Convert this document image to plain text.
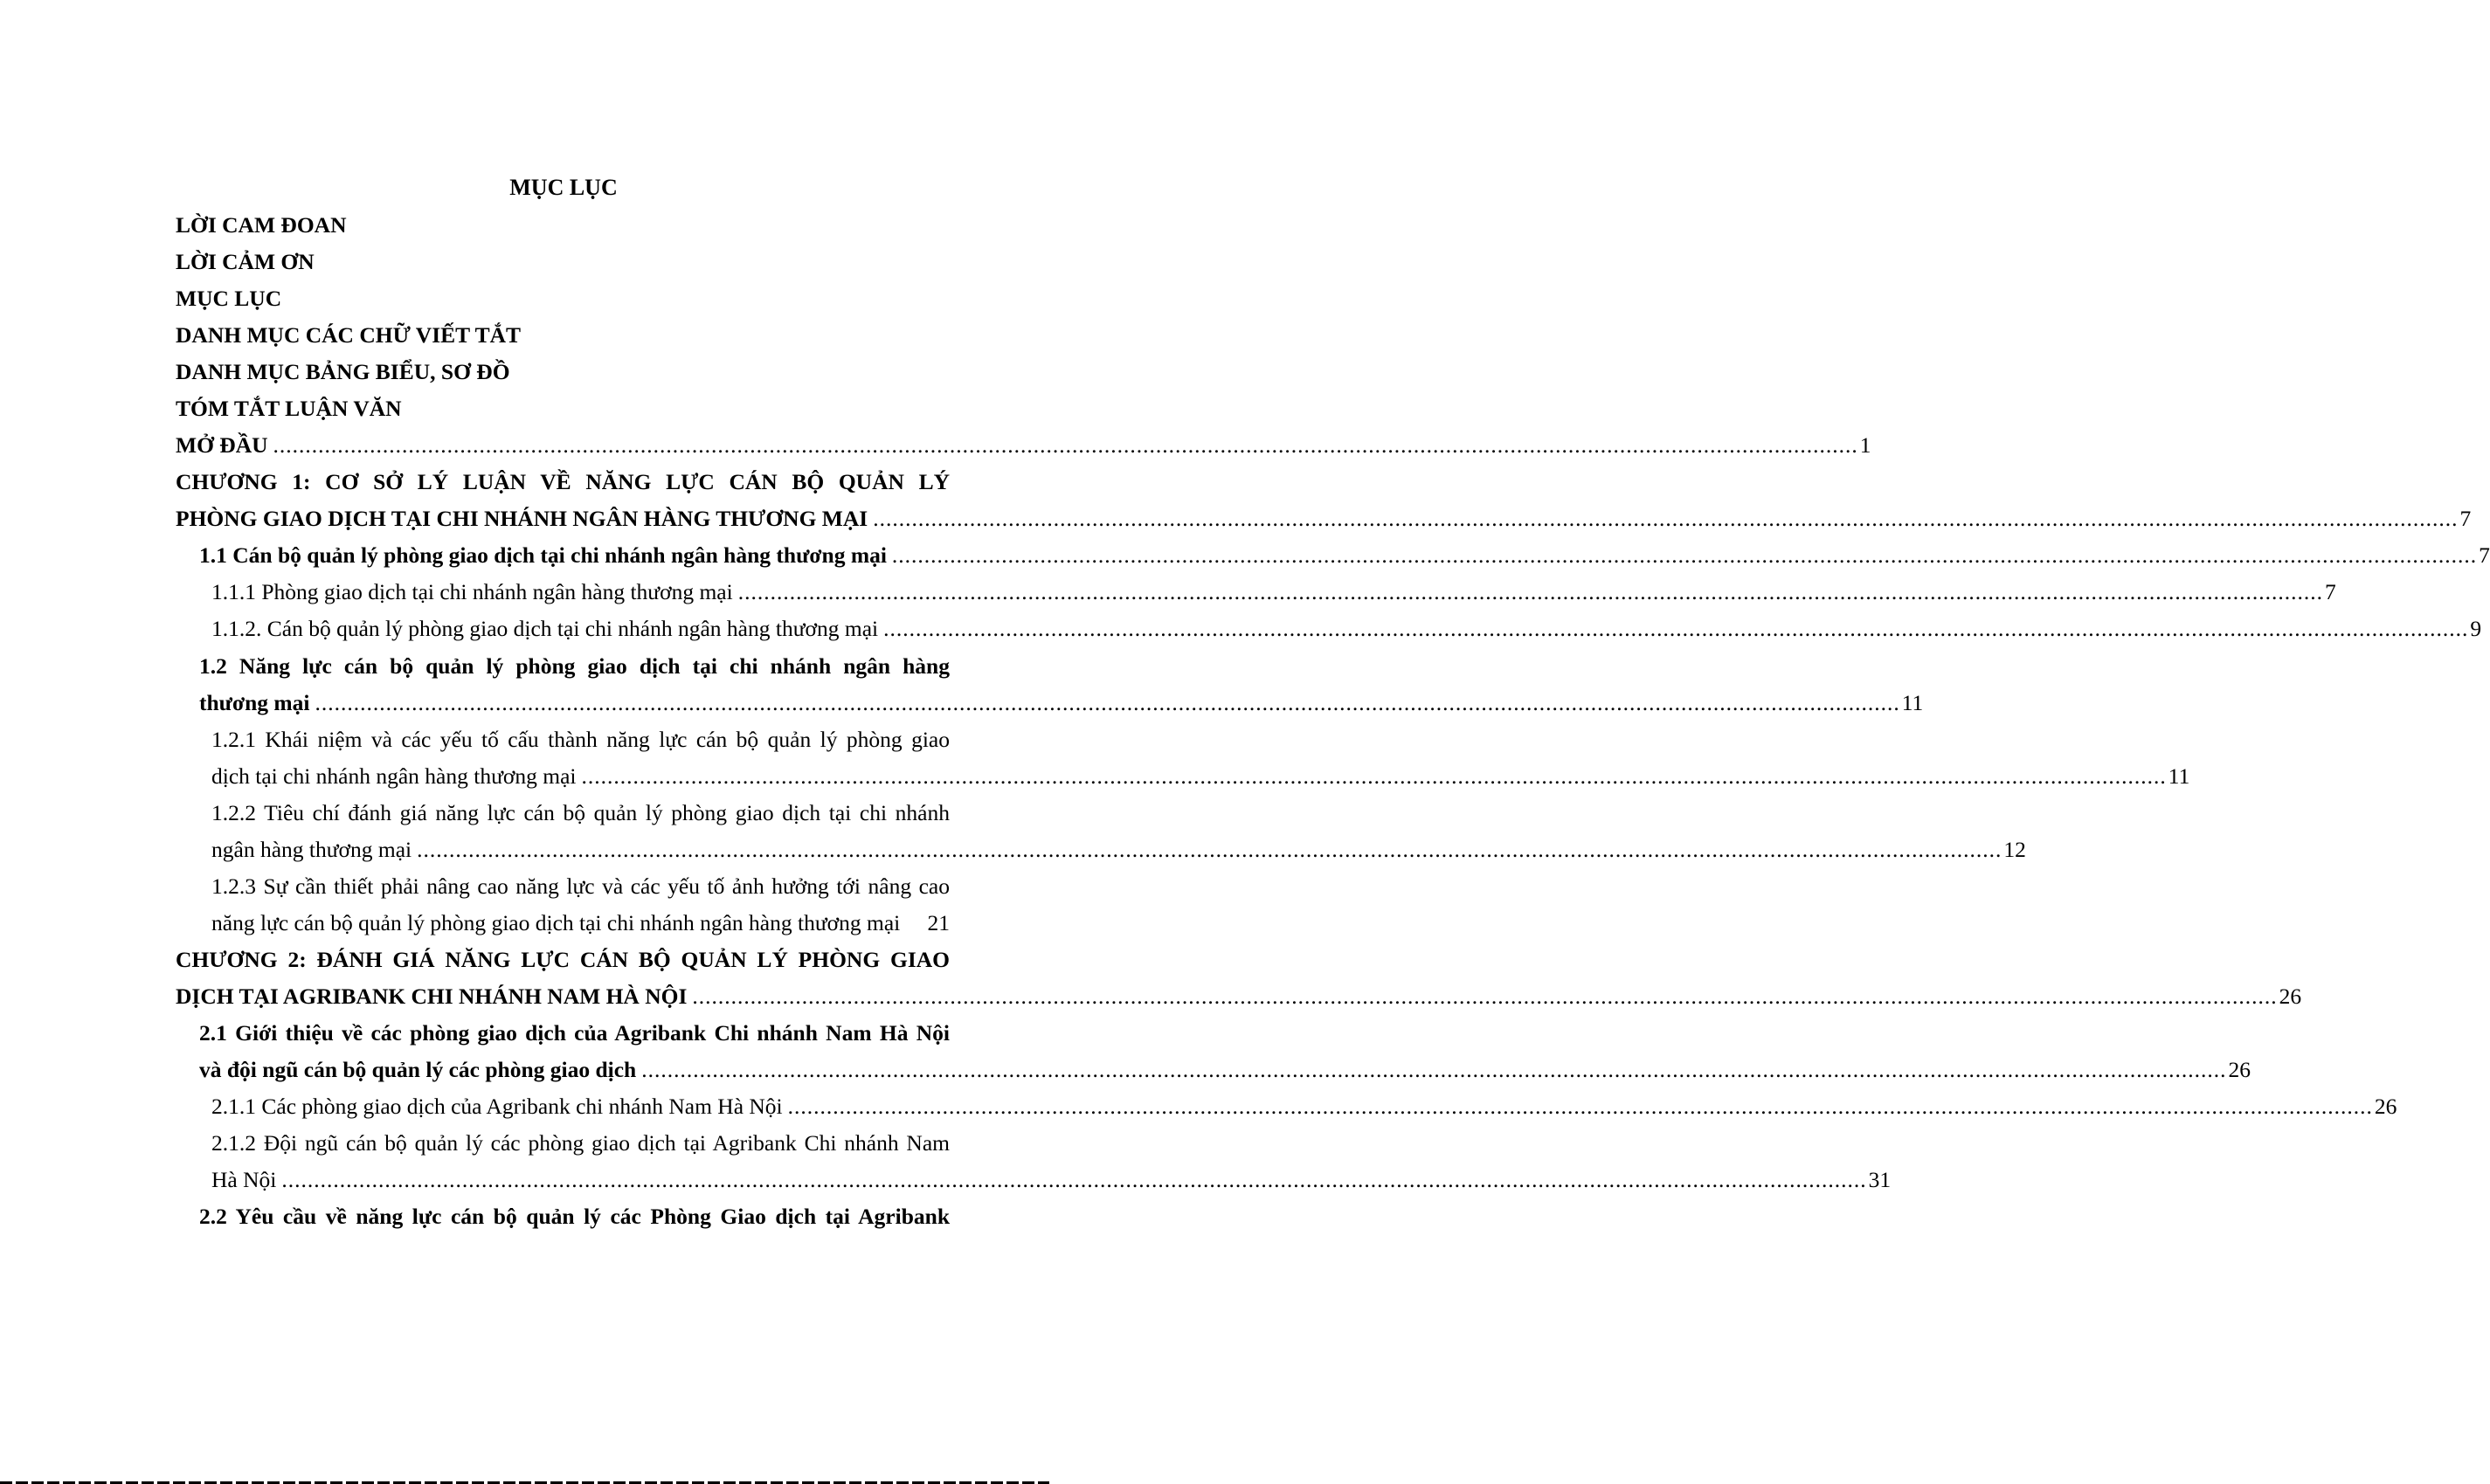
MỤC LỤC
LỜI CAM ĐOAN
LỜI CẢM ƠN
MỤC LỤC
DANH MỤC CÁC CHỮ VIẾT TẮT
DANH MỤC BẢNG BIỂU, SƠ ĐỒ
TÓM TẮT LUẬN VĂN
MỞ ĐẦU ...................................................................................................................................................................................................................................................... 1
CHƯƠNG 1: CƠ SỞ LÝ LUẬN VỀ NĂNG LỰC CÁN BỘ QUẢN LÝ
PHÒNG GIAO DỊCH TẠI CHI NHÁNH NGÂN HÀNG THƯƠNG MẠI ...................................................................................................................................................................................................................................................... 7
1.1 Cán bộ quản lý phòng giao dịch tại chi nhánh ngân hàng thương mại ...................................................................................................................................................................................................................................................... 7
1.1.1 Phòng giao dịch tại chi nhánh ngân hàng thương mại ...................................................................................................................................................................................................................................................... 7
1.1.2. Cán bộ quản lý phòng giao dịch tại chi nhánh ngân hàng thương mại ...................................................................................................................................................................................................................................................... 9
1.2 Năng lực cán bộ quản lý phòng giao dịch tại chi nhánh ngân hàng
thương mại ...................................................................................................................................................................................................................................................... 11
1.2.1 Khái niệm và các yếu tố cấu thành năng lực cán bộ quản lý phòng giao
dịch tại chi nhánh ngân hàng thương mại ...................................................................................................................................................................................................................................................... 11
1.2.2 Tiêu chí đánh giá năng lực cán bộ quản lý phòng giao dịch tại chi nhánh
ngân hàng thương mại ...................................................................................................................................................................................................................................................... 12
1.2.3 Sự cần thiết phải nâng cao năng lực và các yếu tố ảnh hưởng tới nâng cao
năng lực cán bộ quản lý phòng giao dịch tại chi nhánh ngân hàng thương mại 21
CHƯƠNG 2: ĐÁNH GIÁ NĂNG LỰC CÁN BỘ QUẢN LÝ PHÒNG GIAO
DỊCH TẠI AGRIBANK CHI NHÁNH NAM HÀ NỘI ...................................................................................................................................................................................................................................................... 26
2.1 Giới thiệu về các phòng giao dịch của Agribank Chi nhánh Nam Hà Nội
và đội ngũ cán bộ quản lý các phòng giao dịch ...................................................................................................................................................................................................................................................... 26
2.1.1 Các phòng giao dịch của Agribank chi nhánh Nam Hà Nội ...................................................................................................................................................................................................................................................... 26
2.1.2 Đội ngũ cán bộ quản lý các phòng giao dịch tại Agribank Chi nhánh Nam
Hà Nội ...................................................................................................................................................................................................................................................... 31
2.2 Yêu cầu về năng lực cán bộ quản lý các Phòng Giao dịch tại Agribank
